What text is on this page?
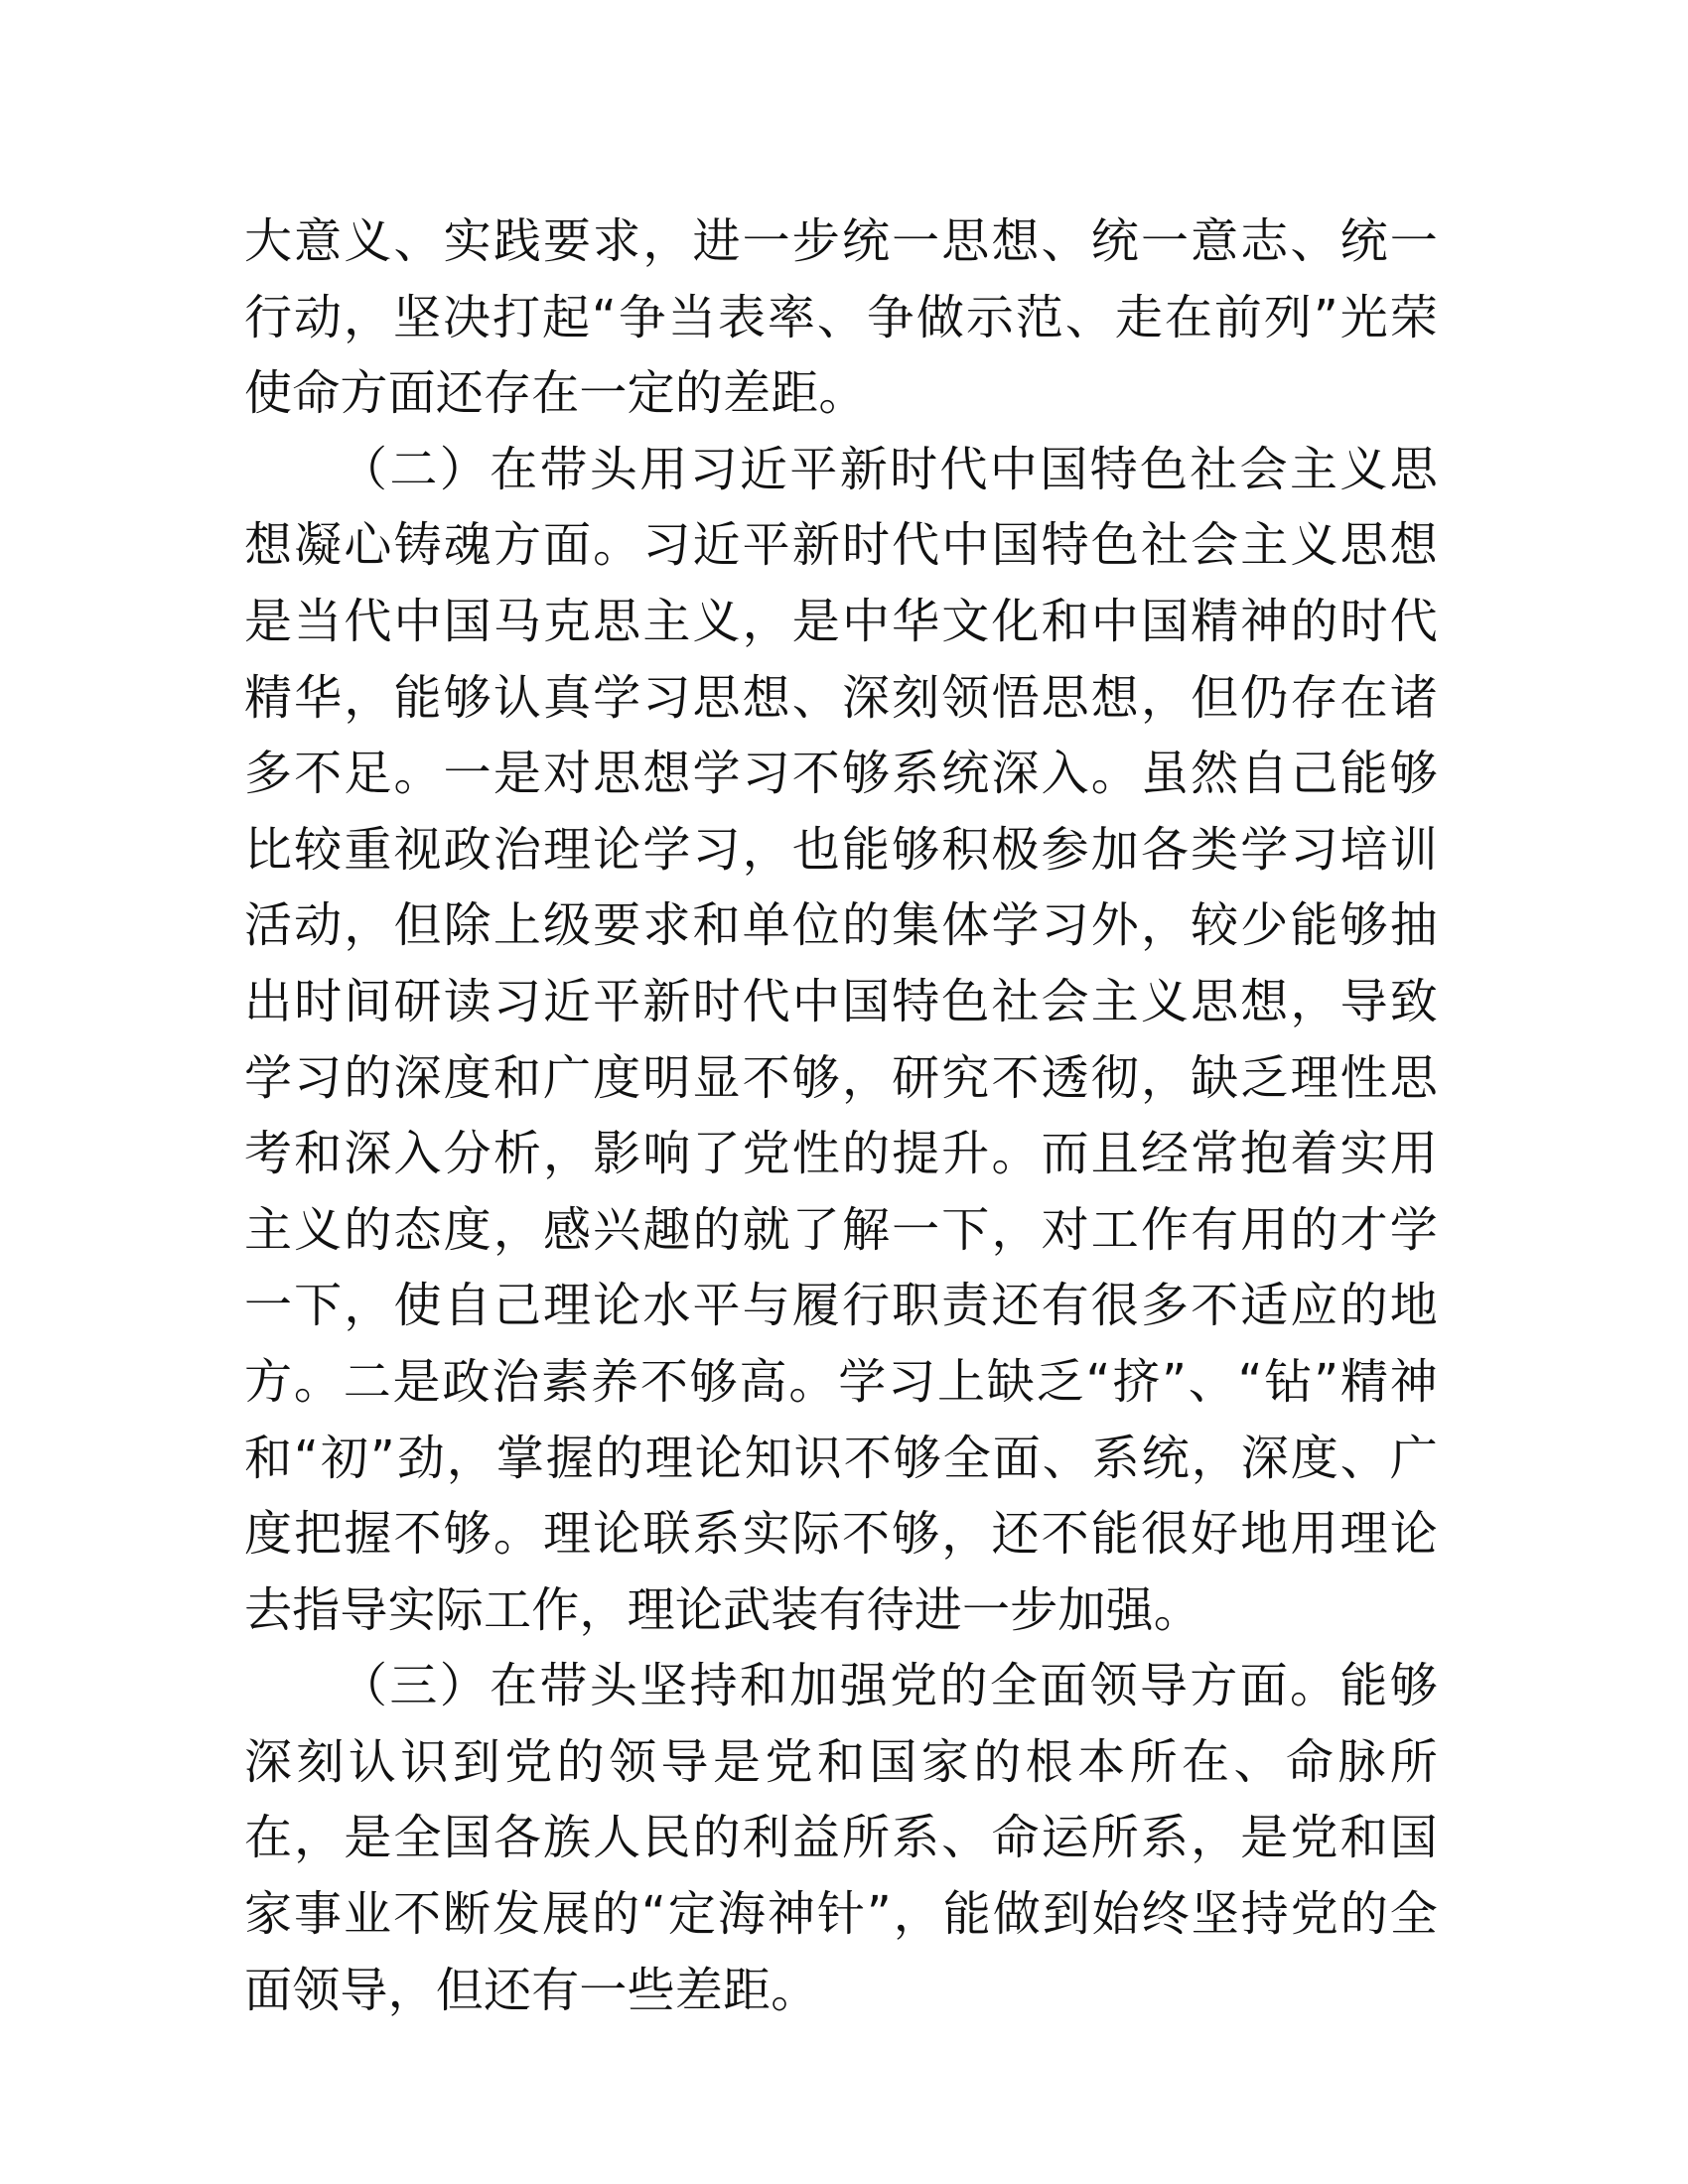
大意义、实践要求，进一步统一思想、统一意志、统一行动，坚决打起“争当表率、争做示范、走在前列”光荣使命方面还存在一定的差距。

（二）在带头用习近平新时代中国特色社会主义思想凝心铸魂方面。习近平新时代中国特色社会主义思想是当代中国马克思主义，是中华文化和中国精神的时代精华，能够认真学习思想、深刻领悟思想，但仍存在诸多不足。一是对思想学习不够系统深入。虽然自己能够比较重视政治理论学习，也能够积极参加各类学习培训活动，但除上级要求和单位的集体学习外，较少能够抽出时间研读习近平新时代中国特色社会主义思想，导致学习的深度和广度明显不够，研究不透彻，缺乏理性思考和深入分析，影响了党性的提升。而且经常抱着实用主义的态度，感兴趣的就了解一下，对工作有用的才学一下，使自己理论水平与履行职责还有很多不适应的地方。二是政治素养不够高。学习上缺乏“挤”、“钻”精神和“初”劲，掌握的理论知识不够全面、系统，深度、广度把握不够。理论联系实际不够，还不能很好地用理论去指导实际工作，理论武装有待进一步加强。

（三）在带头坚持和加强党的全面领导方面。能够深刻认识到党的领导是党和国家的根本所在、命脉所在，是全国各族人民的利益所系、命运所系，是党和国家事业不断发展的“定海神针”，能做到始终坚持党的全面领导，但还有一些差距。
